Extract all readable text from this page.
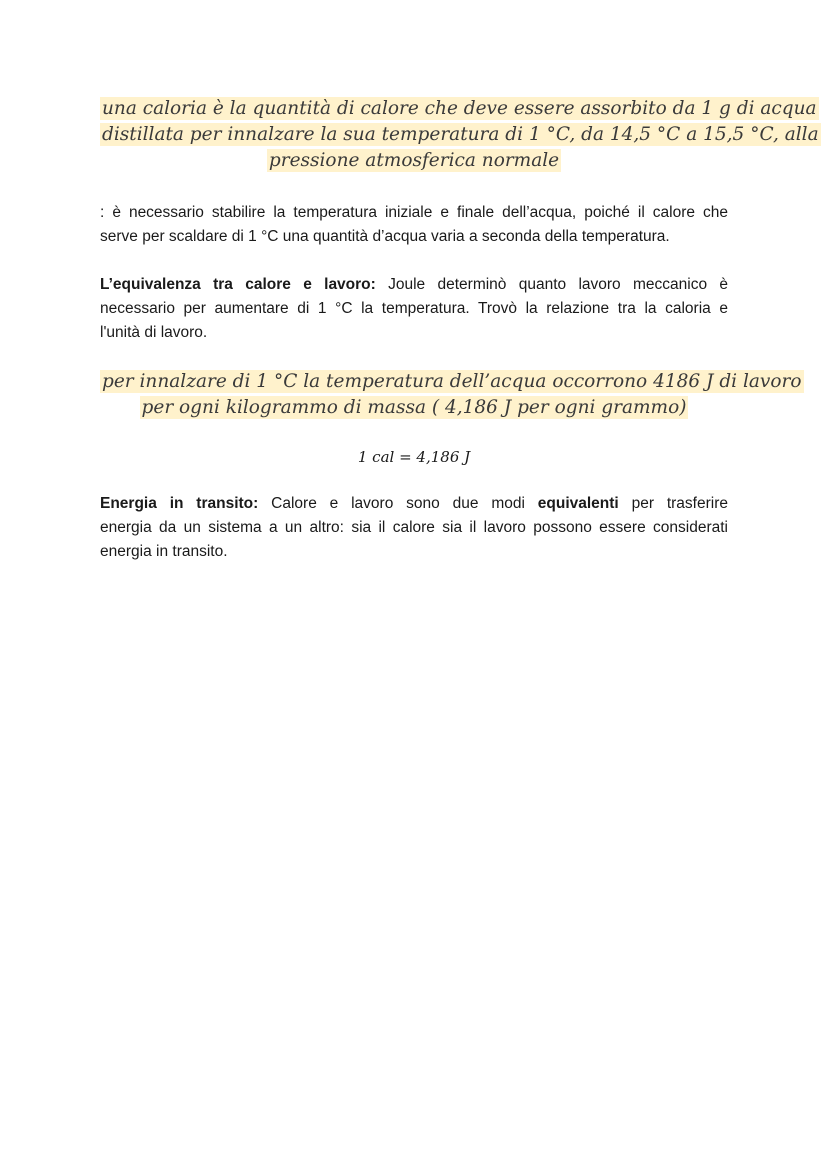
una caloria è la quantità di calore che deve essere assorbito da 1 g di acqua
distillata per innalzare la sua temperatura di 1 °C, da 14,5 °C a 15,5 °C, alla
pressione atmosferica normale
: è necessario stabilire la temperatura iniziale e finale dell’acqua, poiché il calore che
serve per scaldare di 1 °C una quantità d’acqua varia a seconda della temperatura.
L’equivalenza tra calore e lavoro: Joule determinò quanto lavoro meccanico è
necessario per aumentare di 1 °C la temperatura. Trovò la relazione tra la caloria e
l'unità di lavoro.
per innalzare di 1 °C la temperatura dell’acqua occorrono 4186 J di lavoro
per ogni kilogrammo di massa ( 4,186 J per ogni grammo)
1 cal = 4,186 J
Energia in transito: Calore e lavoro sono due modi equivalenti per trasferire
energia da un sistema a un altro: sia il calore sia il lavoro possono essere considerati
energia in transito.
